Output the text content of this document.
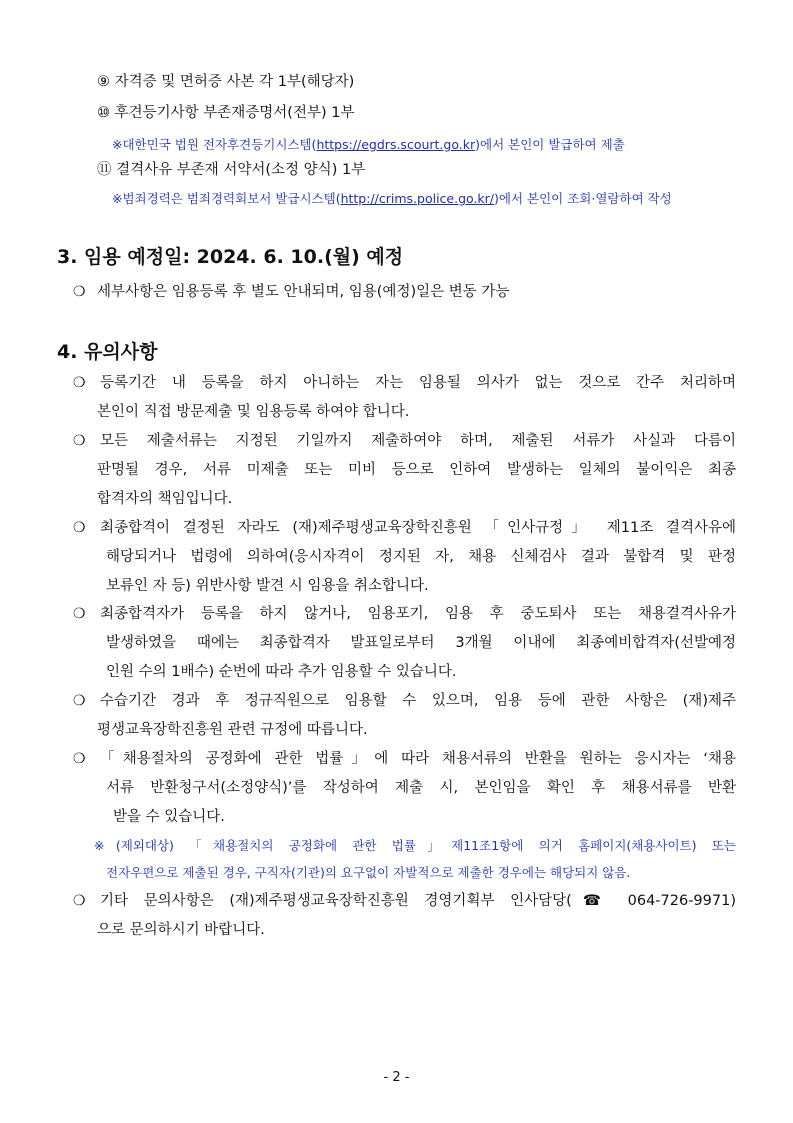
⑨ 자격증 및 면허증 사본 각 1부(해당자)
⑩ 후견등기사항 부존재증명서(전부) 1부
※대한민국 법원 전자후견등기시스템(https://egdrs.scourt.go.kr)에서 본인이 발급하여 제출
⑪ 결격사유 부존재 서약서(소정 양식) 1부
※범죄경력은 범죄경력회보서 발급시스템(http://crims.police.go.kr/)에서 본인이 조회·열람하여 작성
3. 임용 예정일: 2024. 6. 10.(월) 예정
❍ 세부사항은 임용등록 후 별도 안내되며, 임용(예정)일은 변동 가능
4. 유의사항
❍ 등록기간 내 등록을 하지 아니하는 자는 임용될 의사가 없는 것으로 간주 처리하며
본인이 직접 방문제출 및 임용등록 하여야 합니다.
❍ 모든 제출서류는 지정된 기일까지 제출하여야 하며, 제출된 서류가 사실과 다름이
판명될 경우, 서류 미제출 또는 미비 등으로 인하여 발생하는 일체의 불이익은 최종
합격자의 책임입니다.
❍ 최종합격이 결정된 자라도 (재)제주평생교육장학진흥원 「인사규정」 제11조 결격사유에
해당되거나 법령에 의하여(응시자격이 정지된 자, 채용 신체검사 결과 불합격 및 판정
보류인 자 등) 위반사항 발견 시 임용을 취소합니다.
❍ 최종합격자가 등록을 하지 않거나, 임용포기, 임용 후 중도퇴사 또는 채용결격사유가
발생하였을 때에는 최종합격자 발표일로부터 3개월 이내에 최종예비합격자(선발예정
인원 수의 1배수) 순번에 따라 추가 임용할 수 있습니다.
❍ 수습기간 경과 후 정규직원으로 임용할 수 있으며, 임용 등에 관한 사항은 (재)제주
평생교육장학진흥원 관련 규정에 따릅니다.
❍ 「채용절차의 공정화에 관한 법률」에 따라 채용서류의 반환을 원하는 응시자는 ‘채용
서류 반환청구서(소정양식)’를 작성하여 제출 시, 본인임을 확인 후 채용서류를 반환
받을 수 있습니다.
※(제외대상) 「채용절치의 공정화에 관한 법률」제11조1항에 의거 홈페이지(채용사이트) 또는
전자우편으로 제출된 경우, 구직자(기관)의 요구없이 자발적으로 제출한 경우에는 해당되지 않음.
❍ 기타 문의사항은 (재)제주평생교육장학진흥원 경영기획부 인사담당(☎ 064-726-9971)
으로 문의하시기 바랍니다.
- 2 -
